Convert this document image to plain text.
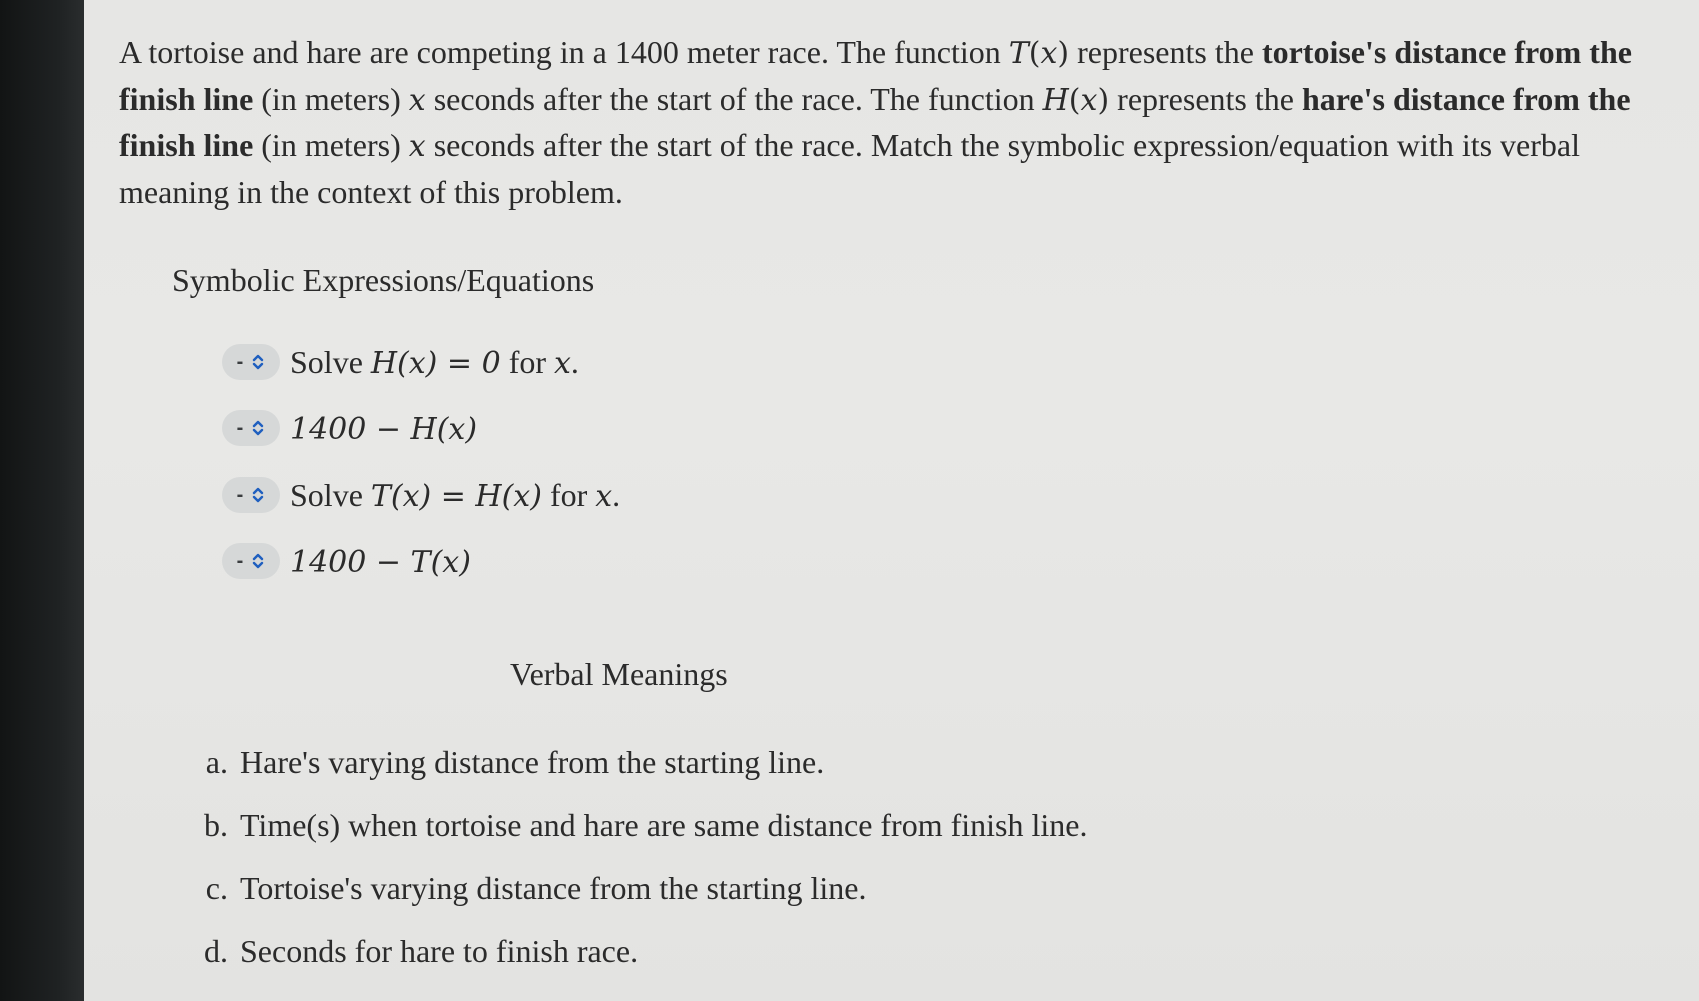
A tortoise and hare are competing in a 1400 meter race. The function T(x) represents the tortoise's distance from the finish line (in meters) x seconds after the start of the race. The function H(x) represents the hare's distance from the finish line (in meters) x seconds after the start of the race. Match the symbolic expression/equation with its verbal meaning in the context of this problem.

Symbolic Expressions/Equations
- Solve H(x) = 0 for x.
- 1400 − H(x)
- Solve T(x) = H(x) for x.
- 1400 − T(x)
Verbal Meanings
a. Hare's varying distance from the starting line.
b. Time(s) when tortoise and hare are same distance from finish line.
c. Tortoise's varying distance from the starting line.
d. Seconds for hare to finish race.
